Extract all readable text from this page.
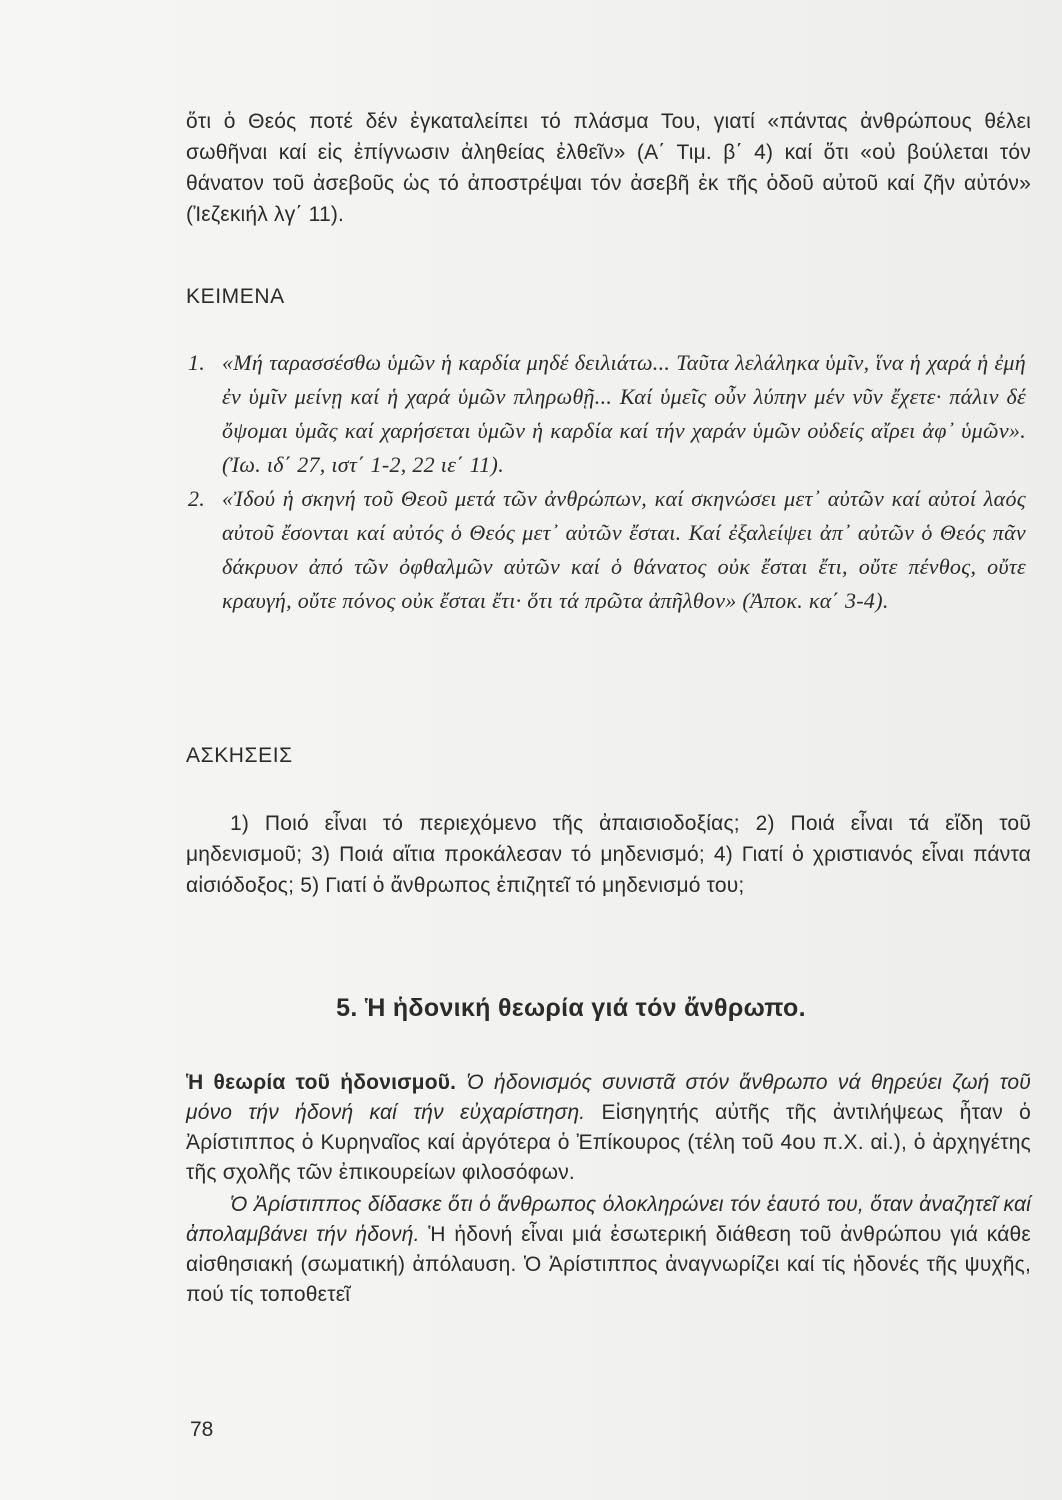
ὅτι ὁ Θεός ποτέ δέν ἐγκαταλείπει τό πλάσμα Του, γιατί «πάντας ἀνθρώπους θέλει σωθῆναι καί εἰς ἐπίγνωσιν ἀληθείας ἐλθεῖν» (Α΄ Τιμ. β΄ 4) καί ὅτι «οὐ βούλεται τόν θάνατον τοῦ ἀσεβοῦς ὡς τό ἀποστρέψαι τόν ἀσεβῆ ἐκ τῆς ὁδοῦ αὐτοῦ καί ζῆν αὐτόν» (Ἰεζεκιήλ λγ΄ 11).

ΚΕΙΜΕΝΑ

1. «Μή ταρασσέσθω ὑμῶν ἡ καρδία μηδέ δειλιάτω... Ταῦτα λελάληκα ὑμῖν, ἵνα ἡ χαρά ἡ ἐμή ἐν ὑμῖν μείνῃ καί ἡ χαρά ὑμῶν πληρωθῇ... Καί ὑμεῖς οὖν λύπην μέν νῦν ἔχετε· πάλιν δέ ὄψομαι ὑμᾶς καί χαρήσεται ὑμῶν ἡ καρδία καί τήν χαράν ὑμῶν οὐδείς αἴρει ἀφ᾽ ὑμῶν». (Ἰω. ιδ΄ 27, ιστ΄ 1-2, 22 ιε΄ 11).
2. «Ἰδού ἡ σκηνή τοῦ Θεοῦ μετά τῶν ἀνθρώπων, καί σκηνώσει μετ᾽ αὐτῶν καί αὐτοί λαός αὐτοῦ ἔσονται καί αὐτός ὁ Θεός μετ᾽ αὐτῶν ἔσται. Καί ἐξαλείψει ἀπ᾽ αὐτῶν ὁ Θεός πᾶν δάκρυον ἀπό τῶν ὀφθαλμῶν αὐτῶν καί ὁ θάνατος οὐκ ἔσται ἔτι, οὔτε πένθος, οὔτε κραυγή, οὔτε πόνος οὐκ ἔσται ἔτι· ὅτι τά πρῶτα ἀπῆλθον» (Ἀποκ. κα΄ 3-4).

ΑΣΚΗΣΕΙΣ

1) Ποιό εἶναι τό περιεχόμενο τῆς ἀπαισιοδοξίας; 2) Ποιά εἶναι τά εἴδη τοῦ μηδενισμοῦ; 3) Ποιά αἴτια προκάλεσαν τό μηδενισμό; 4) Γιατί ὁ χριστιανός εἶναι πάντα αἰσιόδοξος; 5) Γιατί ὁ ἄνθρωπος ἐπιζητεῖ τό μηδενισμό του;

5. Ἡ ἡδονική θεωρία γιά τόν ἄνθρωπο.

Ἡ θεωρία τοῦ ἡδονισμοῦ. Ὁ ἡδονισμός συνιστᾶ στόν ἄνθρωπο νά θηρεύει ζωή τοῦ μόνο τήν ἡδονή καί τήν εὐχαρίστηση. Εἰσηγητής αὐτῆς τῆς ἀντιλήψεως ἦταν ὁ Ἀρίστιππος ὁ Κυρηναῖος καί ἀργότερα ὁ Ἐπίκουρος (τέλη τοῦ 4ου π.Χ. αἰ.), ὁ ἀρχηγέτης τῆς σχολῆς τῶν ἐπικουρείων φιλοσόφων.

Ὁ Ἀρίστιππος δίδασκε ὅτι ὁ ἄνθρωπος ὁλοκληρώνει τόν ἑαυτό του, ὅταν ἀναζητεῖ καί ἀπολαμβάνει τήν ἡδονή. Ἡ ἡδονή εἶναι μιά ἐσωτερική διάθεση τοῦ ἀνθρώπου γιά κάθε αἰσθησιακή (σωματική) ἀπόλαυση. Ὁ Ἀρίστιππος ἀναγνωρίζει καί τίς ἡδονές τῆς ψυχῆς, πού τίς τοποθετεῖ

78
